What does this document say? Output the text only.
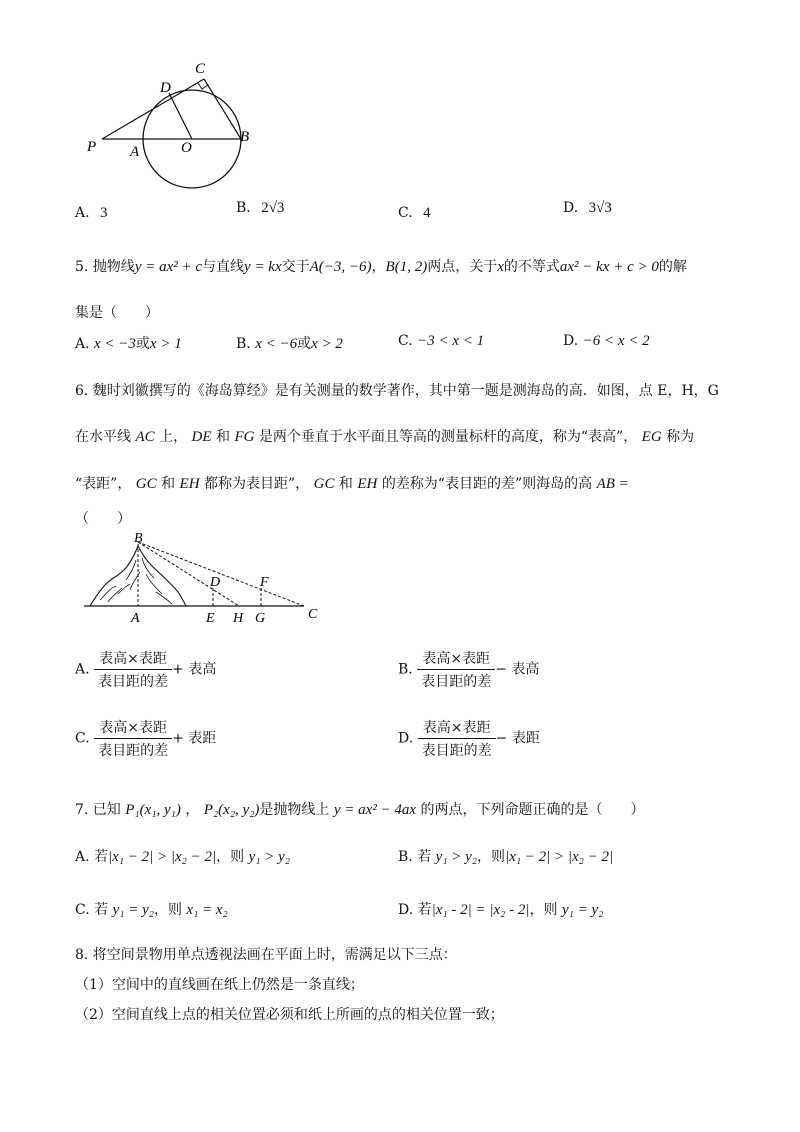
C
D
P A	O
B
A. 3	B. 2√3	C. 4	D. 3√3
5. 抛物线y = ax² + c与直线y = kx交于A(−3, −6)，B(1, 2)两点，关于x的不等式ax² − kx + c > 0的解
集是（　　）
A. x < −3或x > 1	B. x < −6或x > 2	C. −3 < x < 1	D. −6 < x < 2
6. 魏时刘徽撰写的《海岛算经》是有关测量的数学著作，其中第一题是测海岛的高．如图，点 E，H，G
在水平线 AC 上， DE 和 FG 是两个垂直于水平面且等高的测量标杆的高度，称为“表高”， EG 称为
“表距”， GC 和 EH 都称为表目距”， GC 和 EH 的差称为“表目距的差”则海岛的高 AB =
（　　）
B
D	F
A	E H G	C
A. $\frac{\text{表高×表距}}{\text{表目距的差}}$ + 表高	B. $\frac{\text{表高×表距}}{\text{表目距的差}}$ − 表高
C. $\frac{\text{表高×表距}}{\text{表目距的差}}$ + 表距	D. $\frac{\text{表高×表距}}{\text{表目距的差}}$ − 表距
7. 已知 P₁(x₁, y₁) ， P₂(x₂, y₂)是抛物线上 y = ax² − 4ax 的两点，下列命题正确的是（　　）
A. 若|x₁ − 2| > |x₂ − 2|，则 y₁ > y₂	B. 若 y₁ > y₂，则|x₁ − 2| > |x₂ − 2|
C. 若 y₁ = y₂，则 x₁ = x₂	D. 若|x₁ - 2| = |x₂ - 2|，则 y₁ = y₂
8. 将空间景物用单点透视法画在平面上时，需满足以下三点：
（1）空间中的直线画在纸上仍然是一条直线；
（2）空间直线上点的相关位置必须和纸上所画的点的相关位置一致；
